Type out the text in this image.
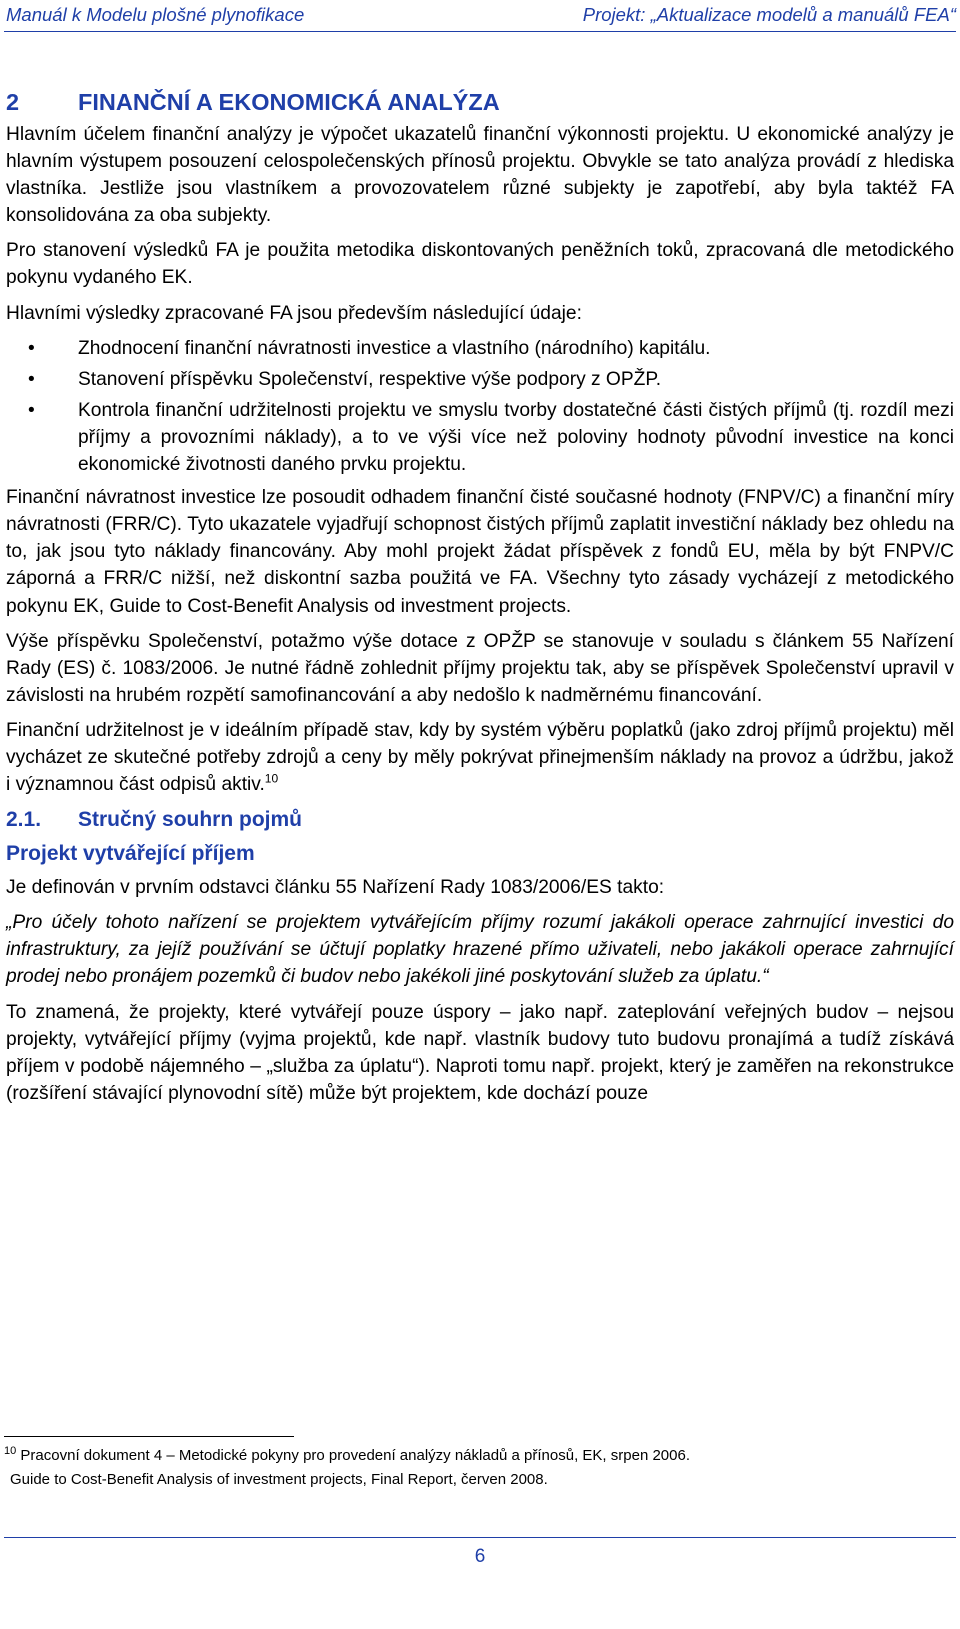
Manuál k Modelu plošné plynofikace	Projekt: „Aktualizace modelů a manuálů FEA“
2	FINANČNÍ A EKONOMICKÁ ANALÝZA

Hlavním účelem finanční analýzy je výpočet ukazatelů finanční výkonnosti projektu. U ekonomické analýzy je hlavním výstupem posouzení celospolečenských přínosů projektu. Obvykle se tato analýza provádí z hlediska vlastníka. Jestliže jsou vlastníkem a provozovatelem různé subjekty je zapotřebí, aby byla taktéž FA konsolidována za oba subjekty.

Pro stanovení výsledků FA je použita metodika diskontovaných peněžních toků, zpracovaná dle metodického pokynu vydaného EK.

Hlavními výsledky zpracované FA jsou především následující údaje:

• Zhodnocení finanční návratnosti investice a vlastního (národního) kapitálu.
• Stanovení příspěvku Společenství, respektive výše podpory z OPŽP.
• Kontrola finanční udržitelnosti projektu ve smyslu tvorby dostatečné části čistých příjmů (tj. rozdíl mezi příjmy a provozními náklady), a to ve výši více než poloviny hodnoty původní investice na konci ekonomické životnosti daného prvku projektu.

Finanční návratnost investice lze posoudit odhadem finanční čisté současné hodnoty (FNPV/C) a finanční míry návratnosti (FRR/C). Tyto ukazatele vyjadřují schopnost čistých příjmů zaplatit investiční náklady bez ohledu na to, jak jsou tyto náklady financovány. Aby mohl projekt žádat příspěvek z fondů EU, měla by být FNPV/C záporná a FRR/C nižší, než diskontní sazba použitá ve FA. Všechny tyto zásady vycházejí z metodického pokynu EK, Guide to Cost-Benefit Analysis od investment projects.

Výše příspěvku Společenství, potažmo výše dotace z OPŽP se stanovuje v souladu s článkem 55 Nařízení Rady (ES) č. 1083/2006. Je nutné řádně zohlednit příjmy projektu tak, aby se příspěvek Společenství upravil v závislosti na hrubém rozpětí samofinancování a aby nedošlo k nadměrnému financování.

Finanční udržitelnost je v ideálním případě stav, kdy by systém výběru poplatků (jako zdroj příjmů projektu) měl vycházet ze skutečné potřeby zdrojů a ceny by měly pokrývat přinejmenším náklady na provoz a údržbu, jakož i významnou část odpisů aktiv.$^{10}$

2.1. Stručný souhrn pojmů
Projekt vytvářející příjem

Je definován v prvním odstavci článku 55 Nařízení Rady 1083/2006/ES takto:

„Pro účely tohoto nařízení se projektem vytvářejícím příjmy rozumí jakákoli operace zahrnující investici do infrastruktury, za jejíž používání se účtují poplatky hrazené přímo uživateli, nebo jakákoli operace zahrnující prodej nebo pronájem pozemků či budov nebo jakékoli jiné poskytování služeb za úplatu.“

To znamená, že projekty, které vytvářejí pouze úspory – jako např. zateplování veřejných budov – nejsou projekty, vytvářející příjmy (vyjma projektů, kde např. vlastník budovy tuto budovu pronajímá a tudíž získává příjem v podobě nájemného – „služba za úplatu“). Naproti tomu např. projekt, který je zaměřen na rekonstrukce (rozšíření stávající plynovodní sítě) může být projektem, kde dochází pouze

$^{10}$ Pracovní dokument 4 – Metodické pokyny pro provedení analýzy nákladů a přínosů, EK, srpen 2006.
Guide to Cost-Benefit Analysis of investment projects, Final Report, červen 2008.
6
